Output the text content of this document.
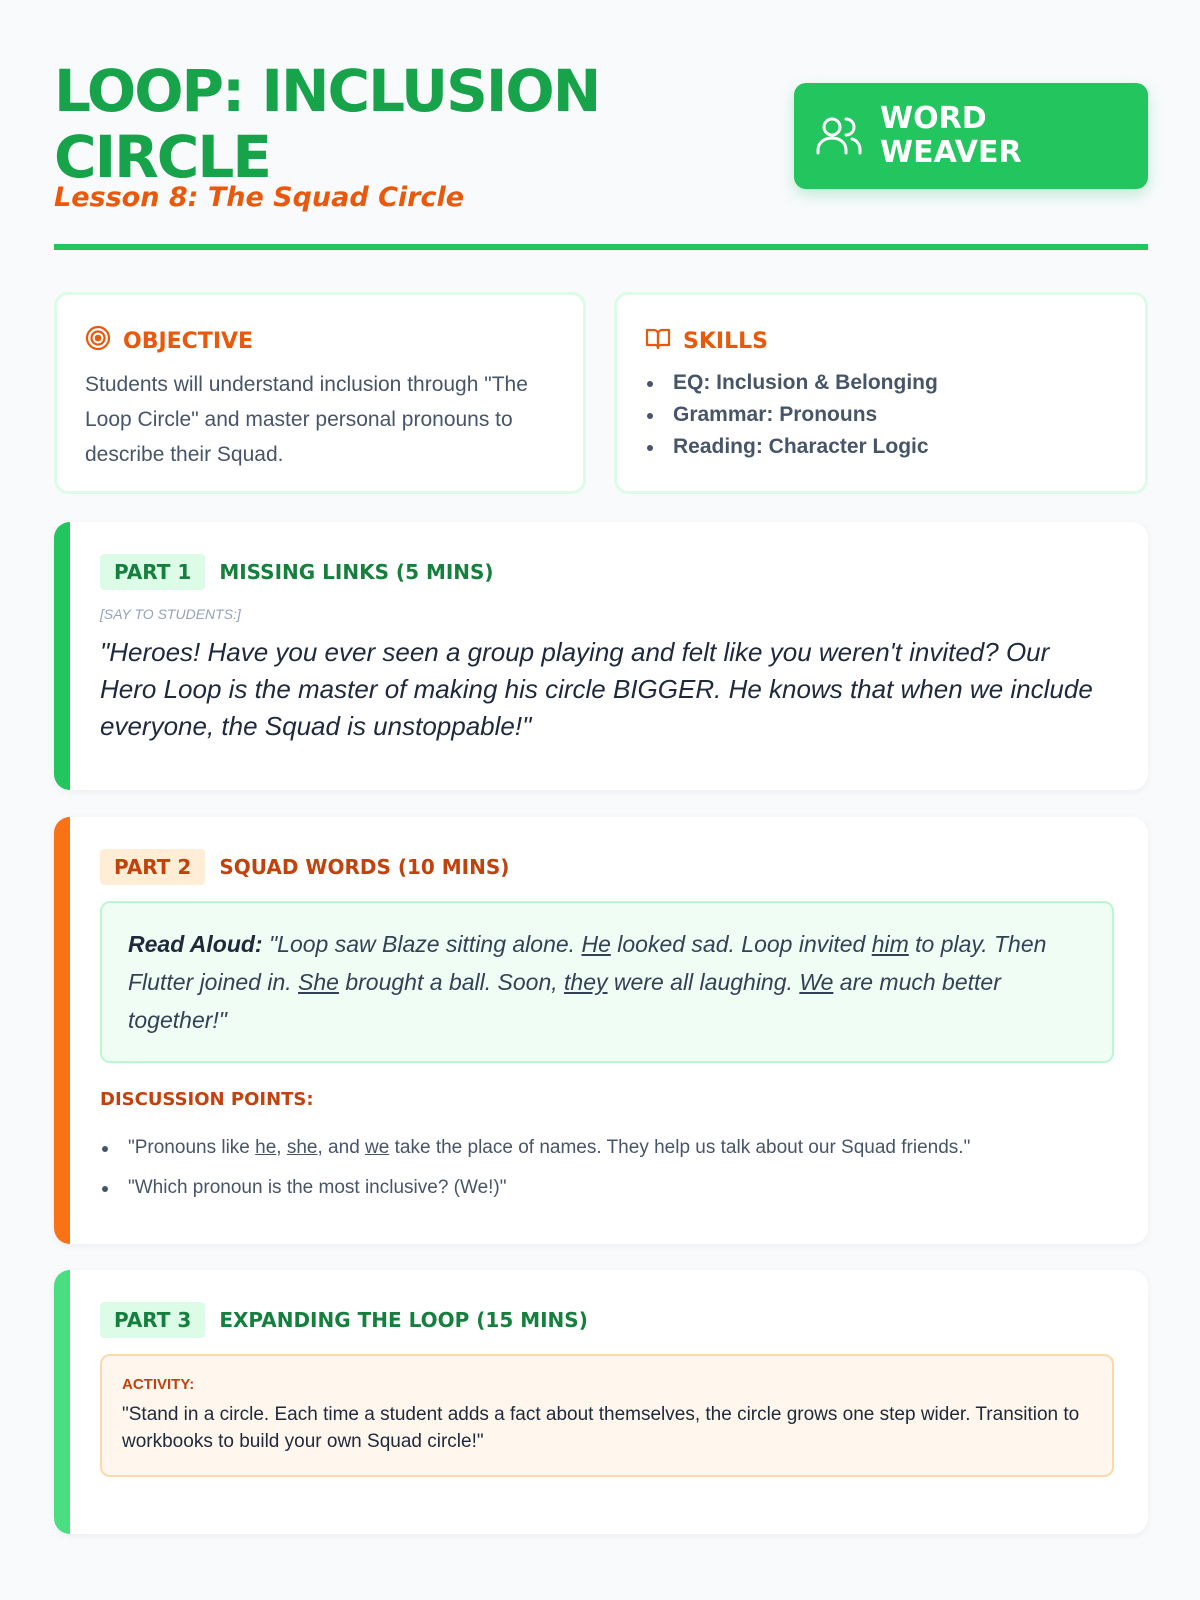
LOOP: INCLUSION CIRCLE
Lesson 8: The Squad Circle
WORD WEAVER
OBJECTIVE

Students will understand inclusion through "The Loop Circle" and master personal pronouns to describe their Squad.

SKILLS
EQ: Inclusion & Belonging
Grammar: Pronouns
Reading: Character Logic
PART 1	MISSING LINKS (5 MINS)
[SAY TO STUDENTS:]

"Heroes! Have you ever seen a group playing and felt like you weren't invited? Our Hero Loop is the master of making his circle BIGGER. He knows that when we include everyone, the Squad is unstoppable!"

PART 2	SQUAD WORDS (10 MINS)
Read Aloud: "Loop saw Blaze sitting alone. He looked sad. Loop invited him to play. Then Flutter joined in. She brought a ball. Soon, they were all laughing. We are much better together!"
DISCUSSION POINTS:
"Pronouns like he, she, and we take the place of names. They help us talk about our Squad friends."
"Which pronoun is the most inclusive? (We!)"
PART 3	EXPANDING THE LOOP (15 MINS)
ACTIVITY:

"Stand in a circle. Each time a student adds a fact about themselves, the circle grows one step wider. Transition to workbooks to build your own Squad circle!"
